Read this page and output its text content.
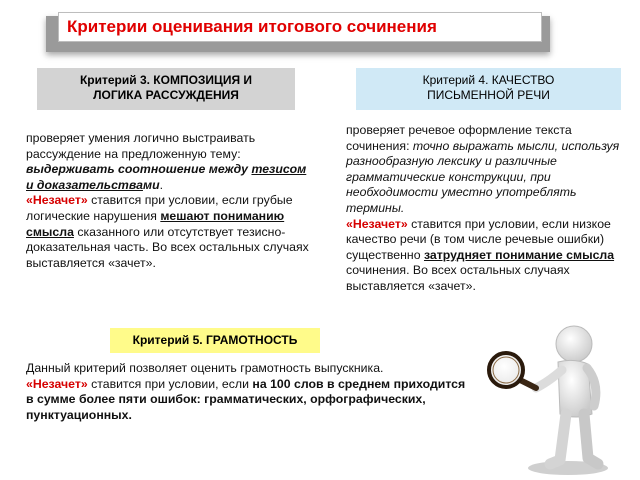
Критерии оценивания итогового сочинения
Критерий 3. КОМПОЗИЦИЯ И
ЛОГИКА РАССУЖДЕНИЯ
проверяет умения логично выстраивать рассуждение на предложенную тему: выдерживать соотношение между тезисом и доказательствами.
«Незачет» ставится при условии, если грубые логические нарушения мешают пониманию смысла сказанного или отсутствует тезисно-доказательная часть. Во всех остальных случаях выставляется «зачет».
Критерий 4. КАЧЕСТВО
ПИСЬМЕННОЙ РЕЧИ
проверяет речевое оформление текста сочинения: точно выражать мысли, используя разнообразную лексику и различные грамматические конструкции, при необходимости уместно употреблять термины.
«Незачет» ставится при условии, если низкое качество речи (в том числе речевые ошибки) существенно затрудняет понимание смысла сочинения. Во всех остальных случаях выставляется «зачет».
Критерий 5. ГРАМОТНОСТЬ
Данный критерий позволяет оценить грамотность выпускника.
«Незачет» ставится при условии, если на 100 слов в среднем приходится в сумме более пяти ошибок: грамматических, орфографических, пунктуационных.
